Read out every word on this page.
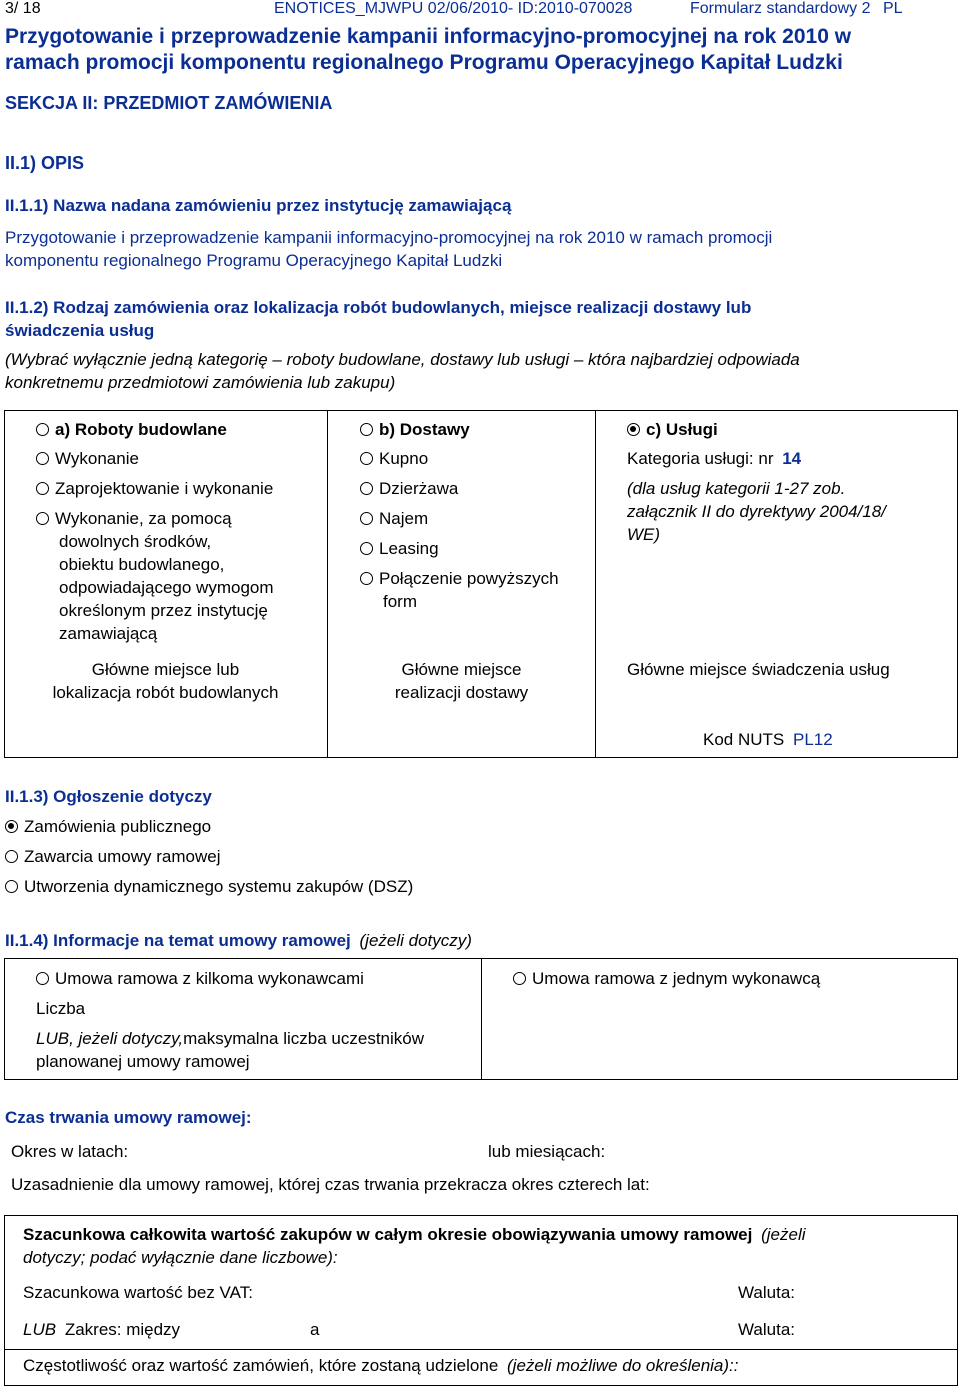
3/ 18	ENOTICES_MJWPU 02/06/2010- ID:2010-070028	Formularz standardowy 2 PL
Przygotowanie i przeprowadzenie kampanii informacyjno-promocyjnej na rok 2010 w
ramach promocji komponentu regionalnego Programu Operacyjnego Kapitał Ludzki
SEKCJA II: PRZEDMIOT ZAMÓWIENIA
II.1) OPIS
II.1.1) Nazwa nadana zamówieniu przez instytucję zamawiającą
Przygotowanie i przeprowadzenie kampanii informacyjno-promocyjnej na rok 2010 w ramach promocji
komponentu regionalnego Programu Operacyjnego Kapitał Ludzki
II.1.2) Rodzaj zamówienia oraz lokalizacja robót budowlanych, miejsce realizacji dostawy lub
świadczenia usług
(Wybrać wyłącznie jedną kategorię – roboty budowlane, dostawy lub usługi – która najbardziej odpowiada
konkretnemu przedmiotowi zamówienia lub zakupu)
a) Roboty budowlane
Wykonanie
Zaprojektowanie i wykonanie
Wykonanie, za pomocą
dowolnych środków,
obiektu budowlanego,
odpowiadającego wymogom
określonym przez instytucję
zamawiającą
Główne miejsce lub
lokalizacja robót budowlanych
b) Dostawy
Kupno
Dzierżawa
Najem
Leasing
Połączenie powyższych
form
Główne miejsce
realizacji dostawy
c) Usługi
Kategoria usługi: nr 14
(dla usług kategorii 1-27 zob.
załącznik II do dyrektywy 2004/18/
WE)
Główne miejsce świadczenia usług
Kod NUTS PL12
II.1.3) Ogłoszenie dotyczy
Zamówienia publicznego
Zawarcia umowy ramowej
Utworzenia dynamicznego systemu zakupów (DSZ)
II.1.4) Informacje na temat umowy ramowej (jeżeli dotyczy)
Umowa ramowa z kilkoma wykonawcami
Liczba
LUB, jeżeli dotyczy,maksymalna liczba uczestników
planowanej umowy ramowej
Umowa ramowa z jednym wykonawcą
Czas trwania umowy ramowej:
Okres w latach:	lub miesiącach:
Uzasadnienie dla umowy ramowej, której czas trwania przekracza okres czterech lat:
Szacunkowa całkowita wartość zakupów w całym okresie obowiązywania umowy ramowej (jeżeli
dotyczy; podać wyłącznie dane liczbowe):
Szacunkowa wartość bez VAT:	Waluta:
LUB Zakres: między	a	Waluta:
Częstotliwość oraz wartość zamówień, które zostaną udzielone (jeżeli możliwe do określenia)::
